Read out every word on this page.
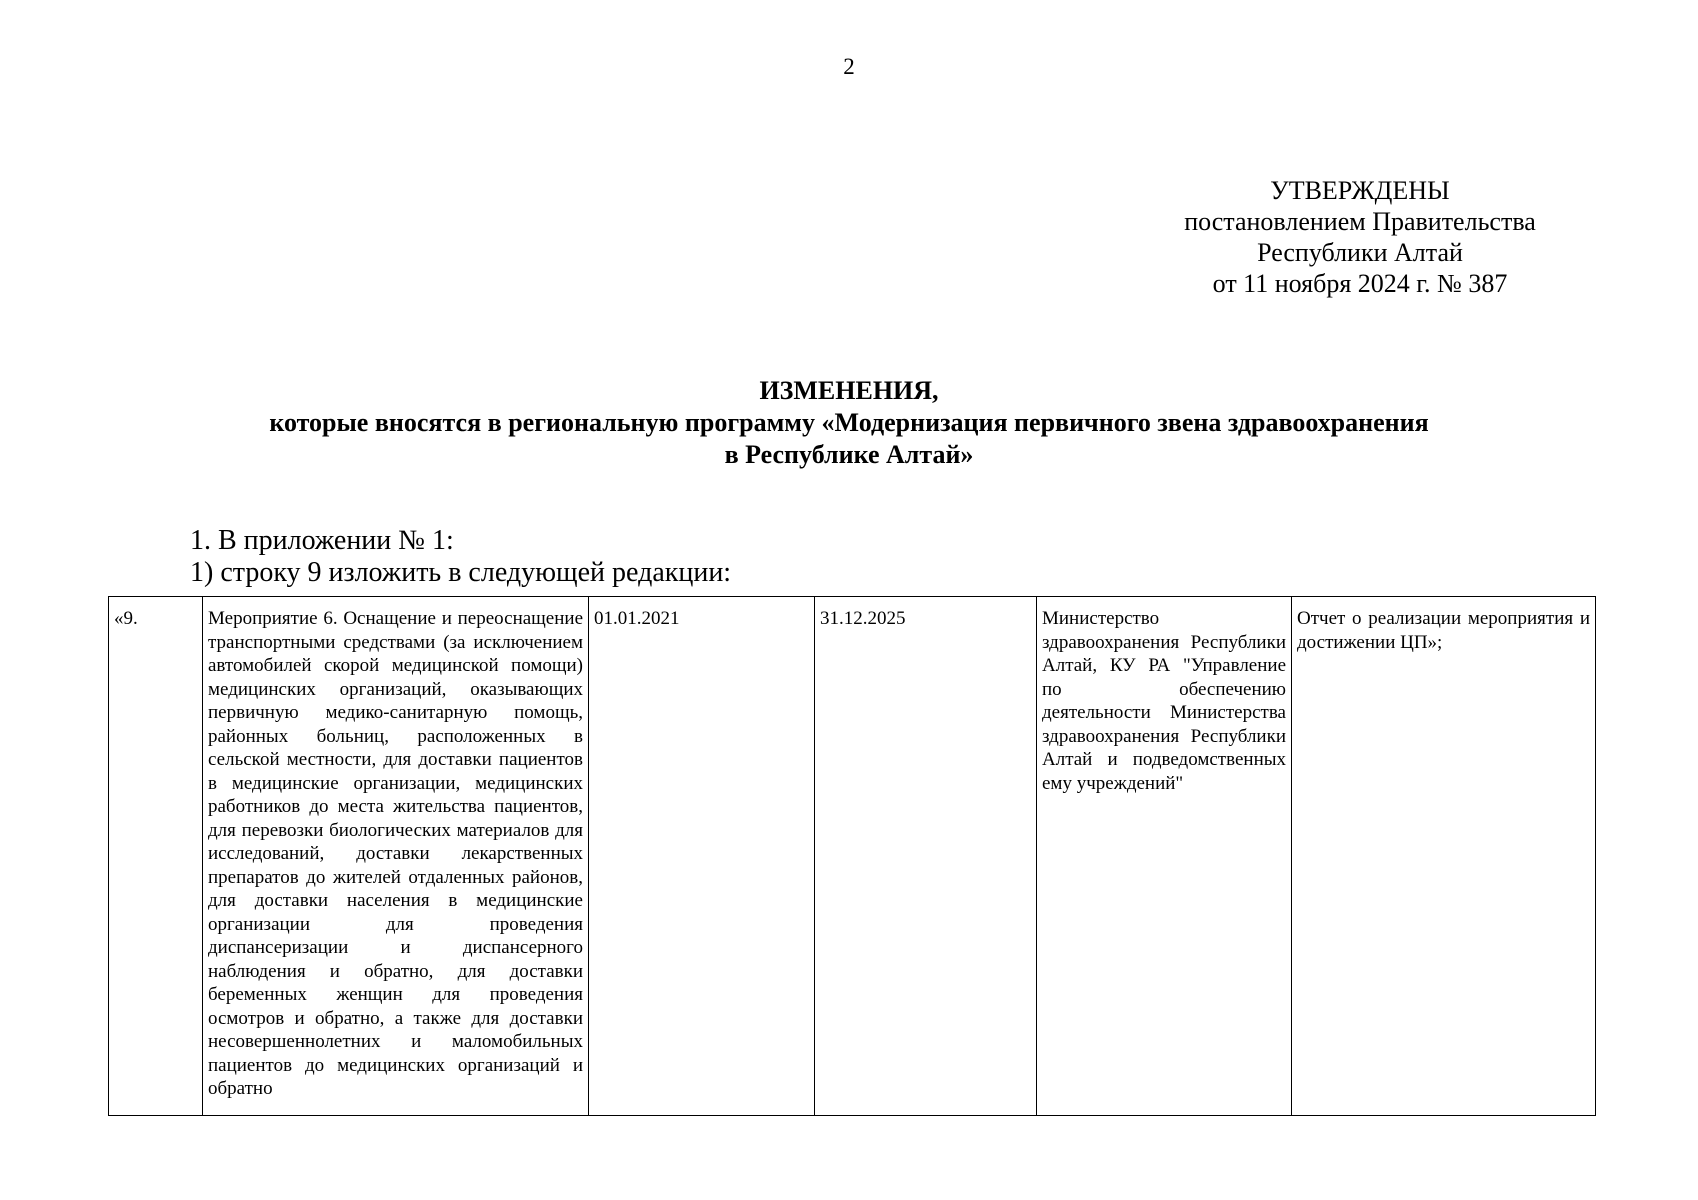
2
УТВЕРЖДЕНЫ
постановлением Правительства
Республики Алтай
от 11 ноября 2024 г. № 387
ИЗМЕНЕНИЯ,
которые вносятся в региональную программу «Модернизация первичного звена здравоохранения
в Республике Алтай»
1. В приложении № 1:
1) строку 9 изложить в следующей редакции:
«9.	Мероприятие 6. Оснащение и переоснащение транспортными средствами (за исключением автомобилей скорой медицинской помощи) медицинских организаций, оказывающих первичную медико-санитарную помощь, районных больниц, расположенных в сельской местности, для доставки пациентов в медицинские организации, медицинских работников до места жительства пациентов, для перевозки биологических материалов для исследований, доставки лекарственных препаратов до жителей отдаленных районов, для доставки населения в медицинские организации для проведения диспансеризации и диспансерного наблюдения и обратно, для доставки беременных женщин для проведения осмотров и обратно, а также для доставки несовершеннолетних и маломобильных пациентов до медицинских организаций и обратно	01.01.2021	31.12.2025	Министерство здравоохранения Республики Алтай, КУ РА "Управление по обеспечению деятельности Министерства здравоохранения Республики Алтай и подведомственных ему учреждений"	Отчет о реализации мероприятия и достижении ЦП»;
